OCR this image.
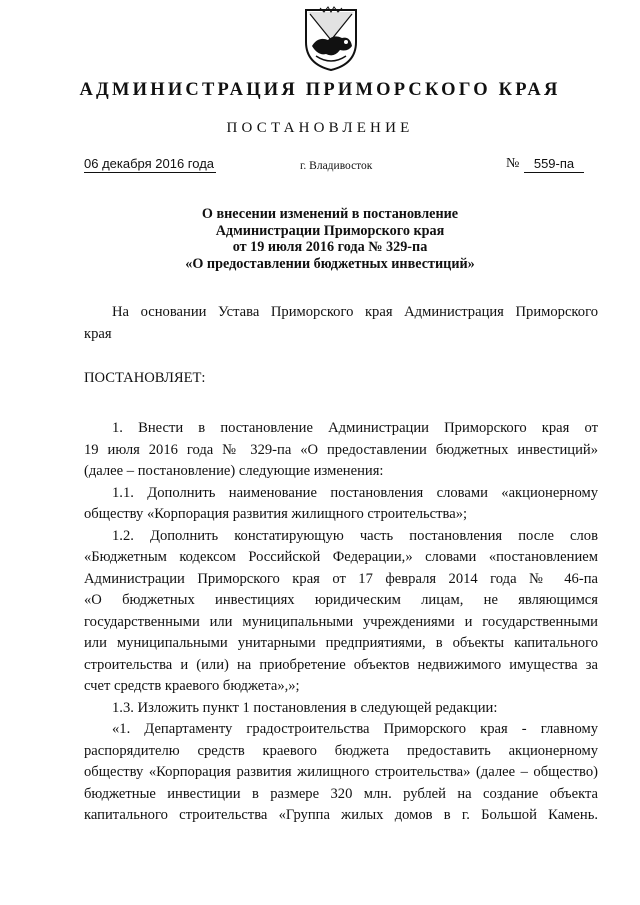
АДМИНИСТРАЦИЯ ПРИМОРСКОГО КРАЯ
ПОСТАНОВЛЕНИЕ
06 декабря 2016 года	г. Владивосток	№	559-па
О внесении изменений в постановление
Администрации Приморского края
от 19 июля 2016 года № 329-па
«О предоставлении бюджетных инвестиций»
На основании Устава Приморского края Администрация Приморского
края
ПОСТАНОВЛЯЕТ:
1. Внести в постановление Администрации Приморского края от
19 июля 2016 года № 329-па «О предоставлении бюджетных инвестиций»
(далее – постановление) следующие изменения:
1.1. Дополнить наименование постановления словами «акционерному
обществу «Корпорация развития жилищного строительства»;
1.2. Дополнить констатирующую часть постановления после слов
«Бюджетным кодексом Российской Федерации,» словами «постановлением
Администрации Приморского края от 17 февраля 2014 года № 46-па
«О бюджетных инвестициях юридическим лицам, не являющимся
государственными или муниципальными учреждениями и государственными
или муниципальными унитарными предприятиями, в объекты капитального
строительства и (или) на приобретение объектов недвижимого имущества за
счет средств краевого бюджета»,»;
1.3. Изложить пункт 1 постановления в следующей редакции:
«1. Департаменту градостроительства Приморского края - главному
распорядителю средств краевого бюджета предоставить акционерному
обществу «Корпорация развития жилищного строительства» (далее – общество)
бюджетные инвестиции в размере 320 млн. рублей на создание объекта
капитального строительства «Группа жилых домов в г. Большой Камень.
